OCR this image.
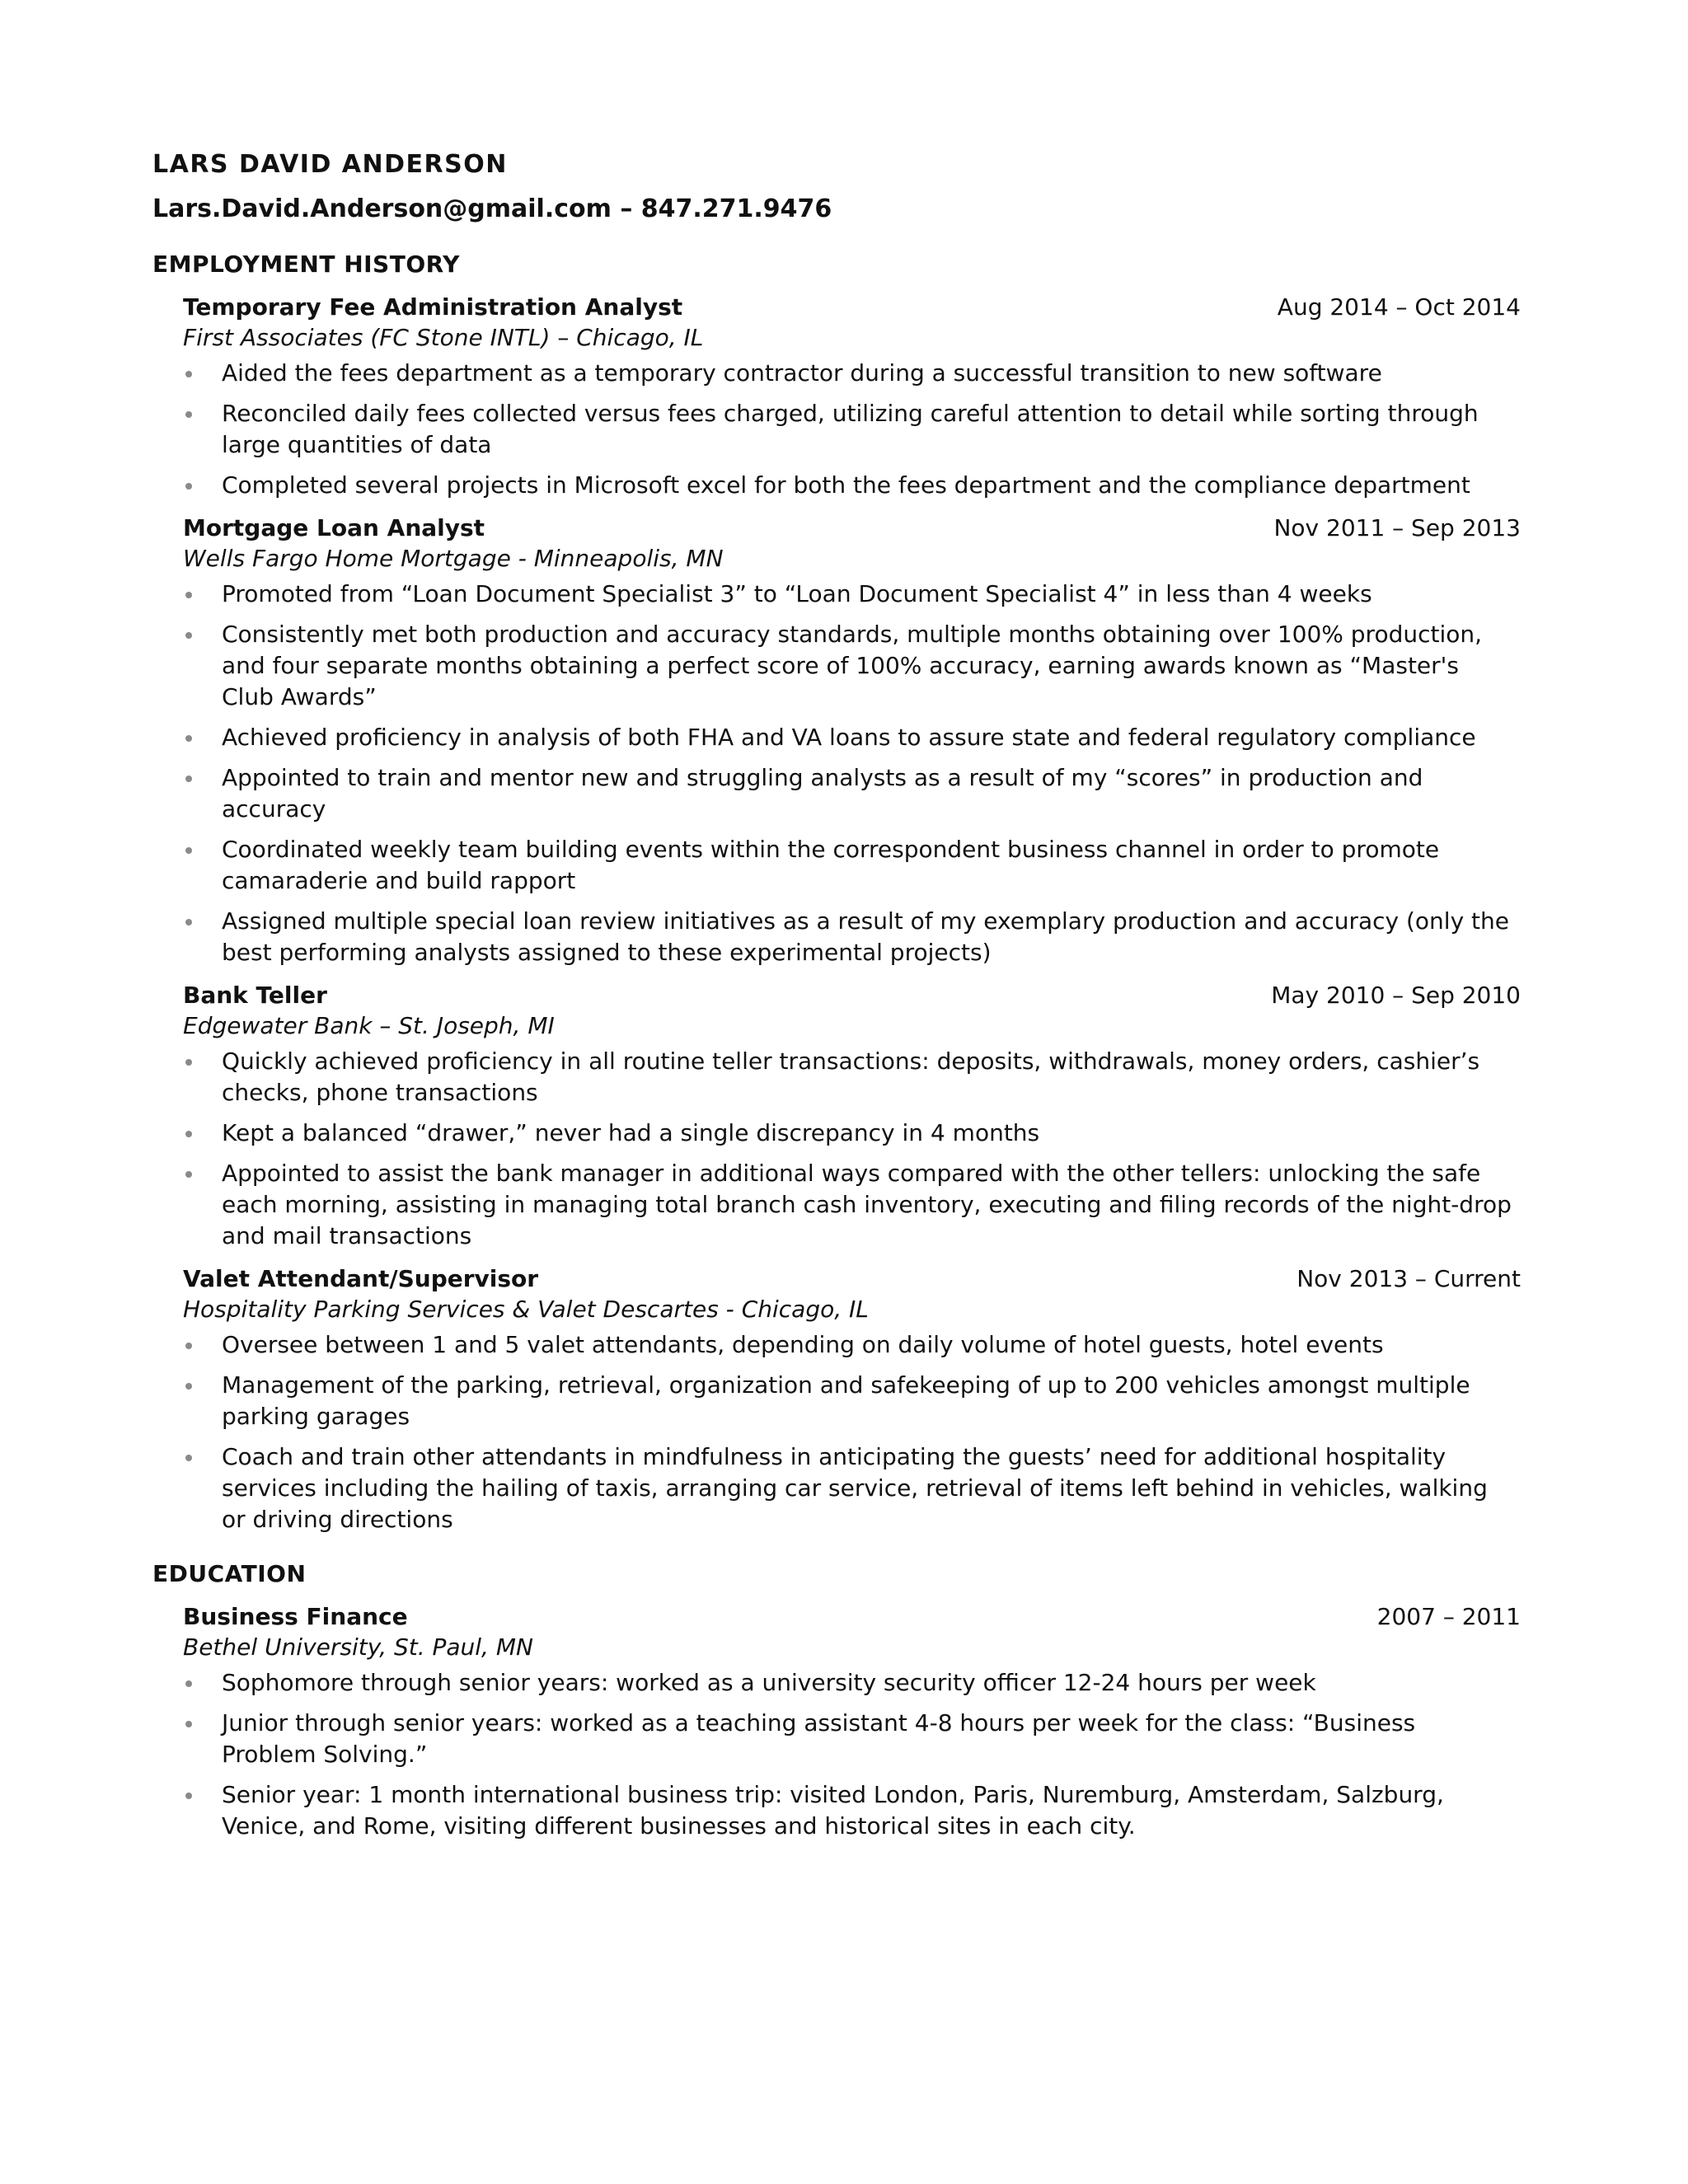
LARS DAVID ANDERSON
Lars.David.Anderson@gmail.com – 847.271.9476
EMPLOYMENT HISTORY
Temporary Fee Administration Analyst	Aug 2014 – Oct 2014
First Associates (FC Stone INTL) – Chicago, IL
Aided the fees department as a temporary contractor during a successful transition to new software
Reconciled daily fees collected versus fees charged, utilizing careful attention to detail while sorting through large quantities of data
Completed several projects in Microsoft excel for both the fees department and the compliance department
Mortgage Loan Analyst	Nov 2011 – Sep 2013
Wells Fargo Home Mortgage - Minneapolis, MN
Promoted from “Loan Document Specialist 3” to “Loan Document Specialist 4” in less than 4 weeks
Consistently met both production and accuracy standards, multiple months obtaining over 100% production, and four separate months obtaining a perfect score of 100% accuracy, earning awards known as “Master's Club Awards”
Achieved proficiency in analysis of both FHA and VA loans to assure state and federal regulatory compliance
Appointed to train and mentor new and struggling analysts as a result of my “scores” in production and accuracy
Coordinated weekly team building events within the correspondent business channel in order to promote camaraderie and build rapport
Assigned multiple special loan review initiatives as a result of my exemplary production and accuracy (only the best performing analysts assigned to these experimental projects)
Bank Teller	May 2010 – Sep 2010
Edgewater Bank – St. Joseph, MI
Quickly achieved proficiency in all routine teller transactions: deposits, withdrawals, money orders, cashier’s checks, phone transactions
Kept a balanced “drawer,” never had a single discrepancy in 4 months
Appointed to assist the bank manager in additional ways compared with the other tellers: unlocking the safe each morning, assisting in managing total branch cash inventory, executing and filing records of the night-drop and mail transactions
Valet Attendant/Supervisor	Nov 2013 – Current
Hospitality Parking Services & Valet Descartes - Chicago, IL
Oversee between 1 and 5 valet attendants, depending on daily volume of hotel guests, hotel events
Management of the parking, retrieval, organization and safekeeping of up to 200 vehicles amongst multiple parking garages
Coach and train other attendants in mindfulness in anticipating the guests’ need for additional hospitality services including the hailing of taxis, arranging car service, retrieval of items left behind in vehicles, walking or driving directions
EDUCATION
Business Finance	2007 – 2011
Bethel University, St. Paul, MN
Sophomore through senior years: worked as a university security officer 12-24 hours per week
Junior through senior years: worked as a teaching assistant 4-8 hours per week for the class: “Business Problem Solving.”
Senior year: 1 month international business trip: visited London, Paris, Nuremburg, Amsterdam, Salzburg, Venice, and Rome, visiting different businesses and historical sites in each city.
